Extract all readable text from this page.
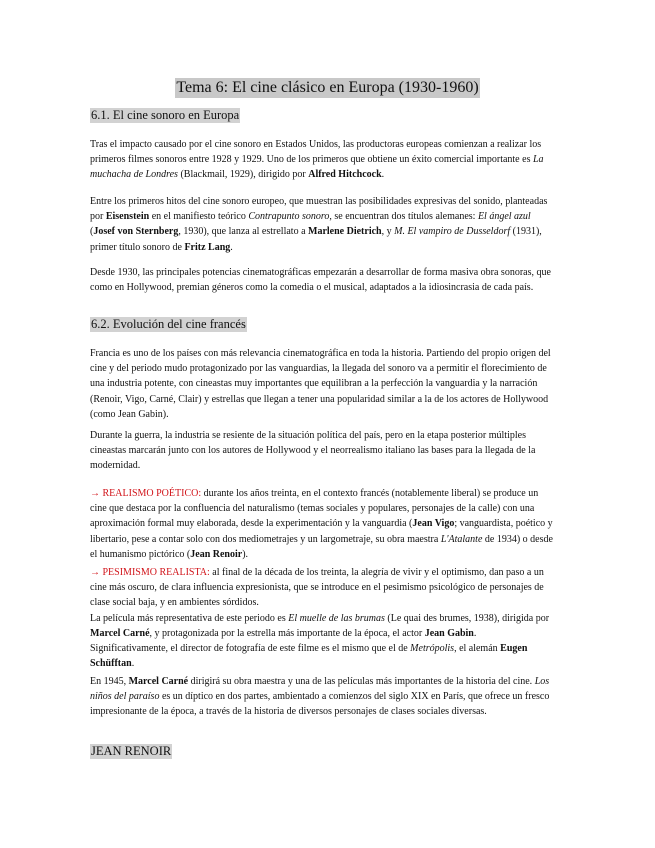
Tema 6: El cine clásico en Europa (1930-1960)
6.1. El cine sonoro en Europa

Tras el impacto causado por el cine sonoro en Estados Unidos, las productoras europeas comienzan a realizar los primeros filmes sonoros entre 1928 y 1929. Uno de los primeros que obtiene un éxito comercial importante es La muchacha de Londres (Blackmail, 1929), dirigido por Alfred Hitchcock.

Entre los primeros hitos del cine sonoro europeo, que muestran las posibilidades expresivas del sonido, planteadas por Eisenstein en el manifiesto teórico Contrapunto sonoro, se encuentran dos títulos alemanes: El ángel azul (Josef von Sternberg, 1930), que lanza al estrellato a Marlene Dietrich, y M. El vampiro de Dusseldorf (1931), primer título sonoro de Fritz Lang.

Desde 1930, las principales potencias cinematográficas empezarán a desarrollar de forma masiva obra sonoras, que como en Hollywood, premian géneros como la comedia o el musical, adaptados a la idiosincrasia de cada país.

6.2. Evolución del cine francés

Francia es uno de los países con más relevancia cinematográfica en toda la historia. Partiendo del propio origen del cine y del periodo mudo protagonizado por las vanguardias, la llegada del sonoro va a permitir el florecimiento de una industria potente, con cineastas muy importantes que equilibran a la perfección la vanguardia y la narración (Renoir, Vigo, Carné, Clair) y estrellas que llegan a tener una popularidad similar a la de los actores de Hollywood (como Jean Gabin).

Durante la guerra, la industria se resiente de la situación política del país, pero en la etapa posterior múltiples cineastas marcarán junto con los autores de Hollywood y el neorrealismo italiano las bases para la llegada de la modernidad.

→ REALISMO POÉTICO: durante los años treinta, en el contexto francés (notablemente liberal) se produce un cine que destaca por la confluencia del naturalismo (temas sociales y populares, personajes de la calle) con una aproximación formal muy elaborada, desde la experimentación y la vanguardia (Jean Vigo; vanguardista, poético y libertario, pese a contar solo con dos mediometrajes y un largometraje, su obra maestra L'Atalante de 1934) o desde el humanismo pictórico (Jean Renoir).

→ PESIMISMO REALISTA: al final de la década de los treinta, la alegría de vivir y el optimismo, dan paso a un cine más oscuro, de clara influencia expresionista, que se introduce en el pesimismo psicológico de personajes de clase social baja, y en ambientes sórdidos.
La película más representativa de este periodo es El muelle de las brumas (Le quai des brumes, 1938), dirigida por Marcel Carné, y protagonizada por la estrella más importante de la época, el actor Jean Gabin. Significativamente, el director de fotografía de este filme es el mismo que el de Metrópolis, el alemán Eugen Schüfftan.

En 1945, Marcel Carné dirigirá su obra maestra y una de las películas más importantes de la historia del cine. Los niños del paraíso es un díptico en dos partes, ambientado a comienzos del siglo XIX en París, que ofrece un fresco impresionante de la época, a través de la historia de diversos personajes de clases sociales diversas.

JEAN RENOIR
